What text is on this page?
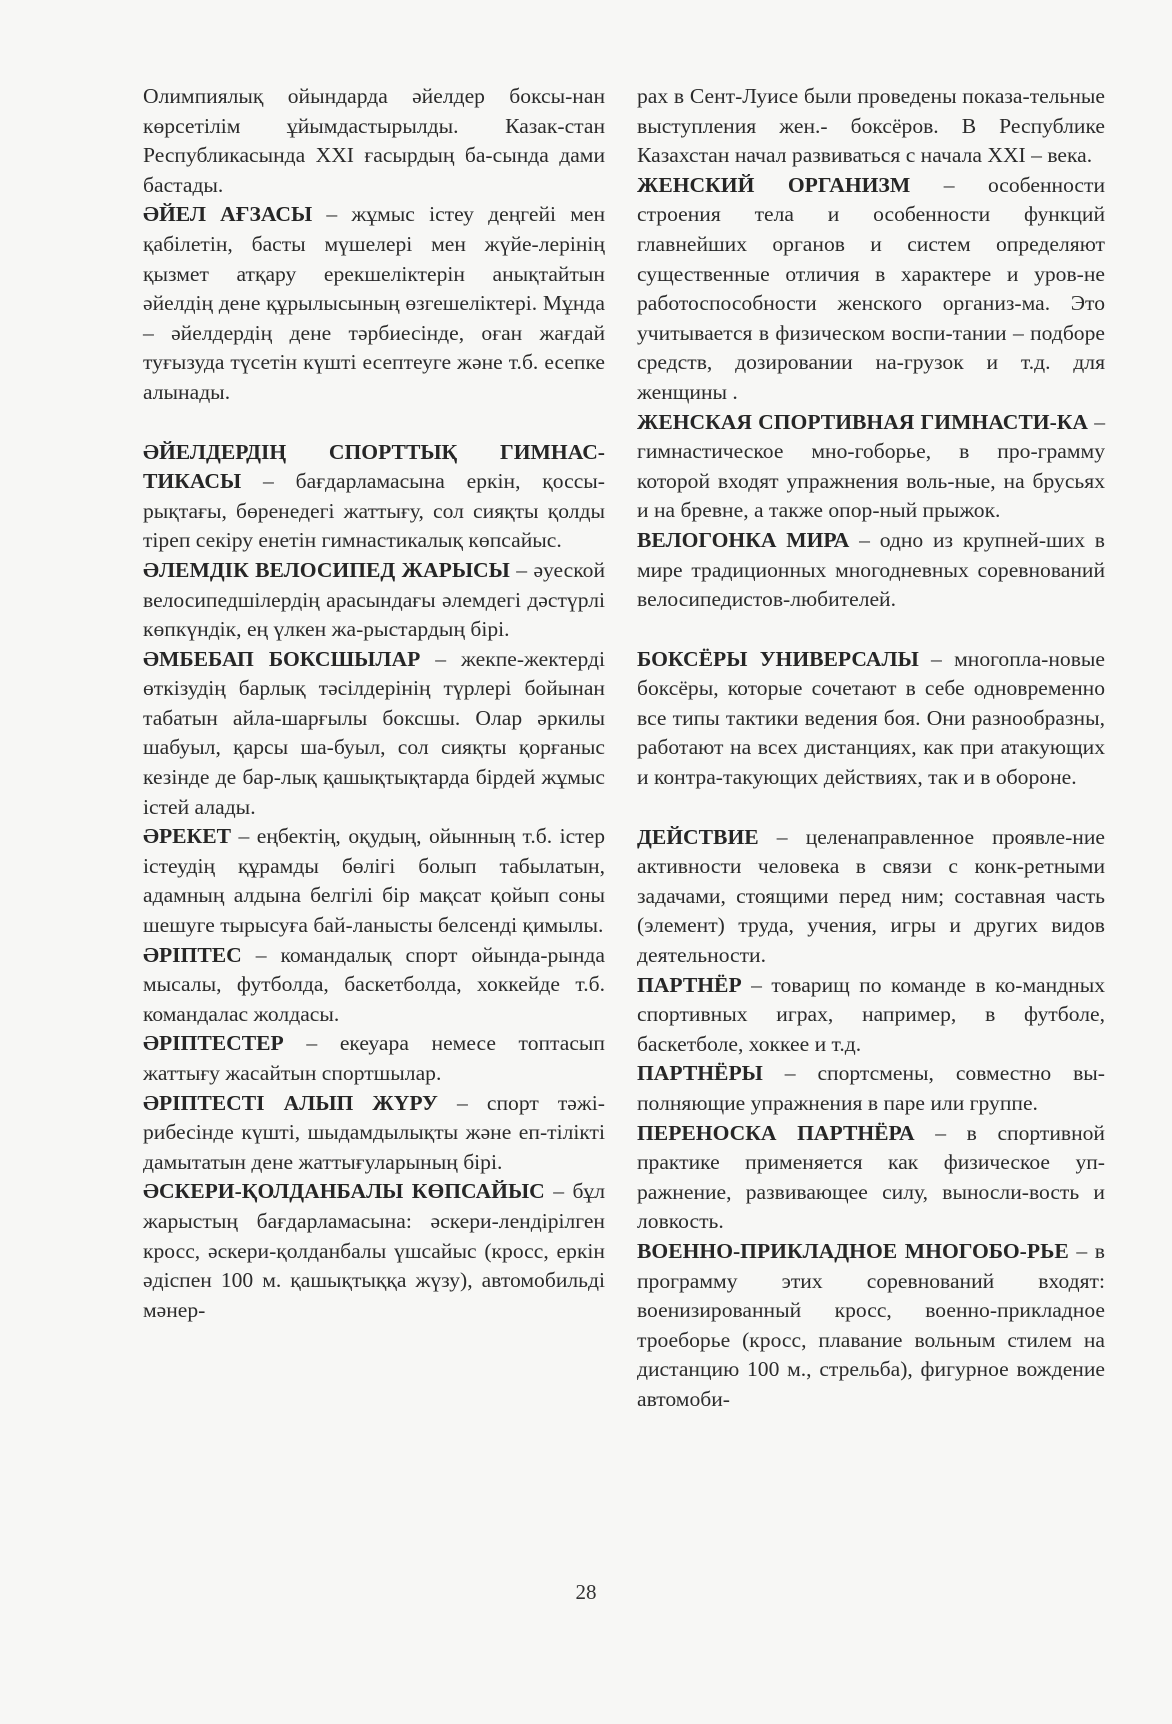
Олимпиялық ойындарда әйелдер боксы-нан көрсетілім ұйымдастырылды. Казак-стан Республикасында XXI ғасырдың ба-сында дами бастады.

ӘЙЕЛ АҒЗАСЫ – жұмыс істеу деңгейі мен қабілетін, басты мүшелері мен жүйе-лерінің қызмет атқару ерекшеліктерін анықтайтын әйелдің дене құрылысының өзгешеліктері. Мұнда – әйелдердің дене тәрбиесінде, оған жағдай туғызуда түсетін күшті есептеуге және т.б. есепке алынады.

ӘЙЕЛДЕРДІҢ СПОРТТЫҚ ГИМНАС-ТИКАСЫ – бағдарламасына еркін, қоссы-рықтағы, бөренедегі жаттығу, сол сияқты қолды тіреп секіру енетін гимнастикалық көпсайыс.

ӘЛЕМДІК ВЕЛОСИПЕД ЖАРЫСЫ – әуеской велосипедшілердің арасындағы әлемдегі дәстүрлі көпкүндік, ең үлкен жа-рыстардың бірі.

ӘМБЕБАП БОКСШЫЛАР – жекпе-жектерді өткізудің барлық тәсілдерінің түрлері бойынан табатын айла-шарғылы боксшы. Олар әркилы шабуыл, қарсы ша-буыл, сол сияқты қорғаныс кезінде де бар-лық қашықтықтарда бірдей жұмыс істей алады.

ӘРЕКЕТ – еңбектің, оқудың, ойынның т.б. істер істеудің құрамды бөлігі болып табылатын, адамның алдына белгілі бір мақсат қойып соны шешуге тырысуға бай-ланысты белсенді қимылы.

ӘРІПТЕС – командалық спорт ойында-рында мысалы, футболда, баскетболда, хоккейде т.б. командалас жолдасы.

ӘРІПТЕСТЕР – екеуара немесе топтасып жаттығу жасайтын спортшылар.

ӘРІПТЕСТІ АЛЫП ЖҮРУ – спорт тәжі-рибесінде күшті, шыдамдылықты және еп-тілікті дамытатын дене жаттығуларының бірі.

ӘСКЕРИ-ҚОЛДАНБАЛЫ КӨПСАЙЫС – бұл жарыстың бағдарламасына: әскери-лендірілген кросс, әскери-қолданбалы үшсайыс (кросс, еркін әдіспен 100 м. қашықтыққа жүзу), автомобильді мәнер-

рах в Сент-Луисе были проведены показа-тельные выступления жен.- боксёров. В Республике Казахстан начал развиваться с начала XXI – века.

ЖЕНСКИЙ ОРГАНИЗМ – особенности строения тела и особенности функций главнейших органов и систем определяют существенные отличия в характере и уров-не работоспособности женского организ-ма. Это учитывается в физическом воспи-тании – подборе средств, дозировании на-грузок и т.д. для женщины .

ЖЕНСКАЯ СПОРТИВНАЯ ГИМНАСТИ-КА – гимнастическое мно-гоборье, в про-грамму которой входят упражнения воль-ные, на брусьях и на бревне, а также опор-ный прыжок.

ВЕЛОГОНКА МИРА – одно из крупней-ших в мире традиционных многодневных соревнований велосипедистов-любителей.

БОКСЁРЫ УНИВЕРСАЛЫ – многопла-новые боксёры, которые сочетают в себе одновременно все типы тактики ведения боя. Они разнообразны, работают на всех дистанциях, как при атакующих и контра-такующих действиях, так и в обороне.

ДЕЙСТВИЕ – целенаправленное проявле-ние активности человека в связи с конк-ретными задачами, стоящими перед ним; составная часть (элемент) труда, учения, игры и других видов деятельности.

ПАРТНЁР – товарищ по команде в ко-мандных спортивных играх, например, в футболе, баскетболе, хоккее и т.д.

ПАРТНЁРЫ – спортсмены, совместно вы-полняющие упражнения в паре или группе.

ПЕРЕНОСКА ПАРТНЁРА – в спортивной практике применяется как физическое уп-ражнение, развивающее силу, выносли-вость и ловкость.

ВОЕННО-ПРИКЛАДНОЕ МНОГОБО-РЬЕ – в программу этих соревнований входят: военизированный кросс, военно-прикладное троеборье (кросс, плавание вольным стилем на дистанцию 100 м., стрельба), фигурное вождение автомоби-

28
